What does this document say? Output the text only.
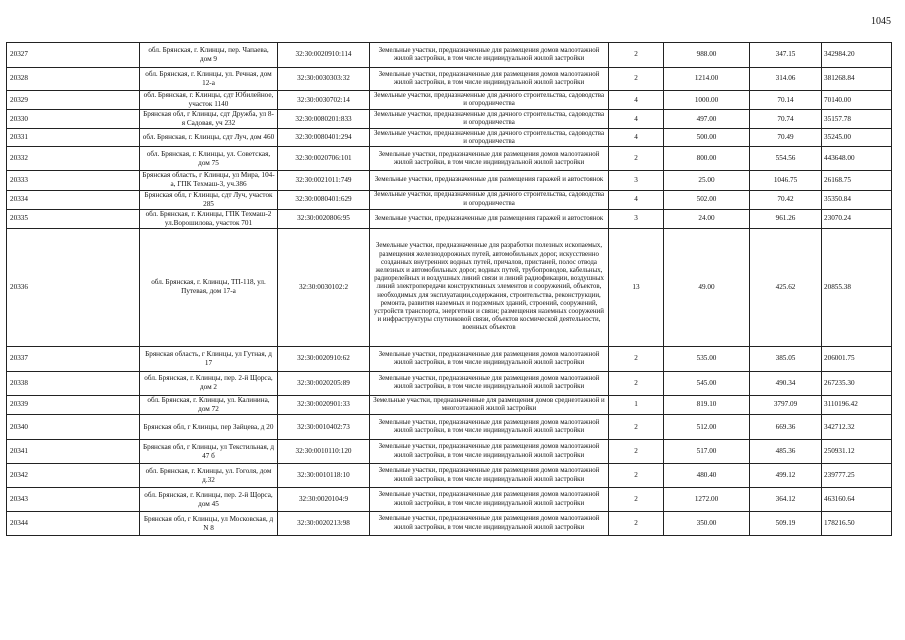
1045
20327	обл. Брянская, г. Клинцы, пер. Чапаева, дом 9	32:30:0020910:114	Земельные участки, предназначенные для размещения домов малоэтажной жилой застройки, в том числе индивидуальной жилой застройки	2	988.00	347.15	342984.20
20328	обл. Брянская, г. Клинцы, ул. Речная, дом 12-а	32:30:0030303:32	Земельные участки, предназначенные для размещения домов малоэтажной жилой застройки, в том числе индивидуальной жилой застройки	2	1214.00	314.06	381268.84
20329	обл. Брянская, г. Клинцы, сдт Юбилейное, участок 1140	32:30:0030702:14	Земельные участки, предназначенные для дачного строительства, садоводства и огородничества	4	1000.00	70.14	70140.00
20330	Брянская обл, г Клинцы, сдт Дружба, ул 8-я Садовая, уч 232	32:30:0080201:833	Земельные участки, предназначенные для дачного строительства, садоводства и огородничества	4	497.00	70.74	35157.78
20331	обл. Брянская, г. Клинцы, сдт Луч, дом 460	32:30:0080401:294	Земельные участки, предназначенные для дачного строительства, садоводства и огородничества	4	500.00	70.49	35245.00
20332	обл. Брянская, г. Клинцы, ул. Советская, дом 75	32:30:0020706:101	Земельные участки, предназначенные для размещения домов малоэтажной жилой застройки, в том числе индивидуальной жилой застройки	2	800.00	554.56	443648.00
20333	Брянская область, г Клинцы, ул Мира, 104-а, ГПК Техмаш-3, уч.386	32:30:0021011:749	Земельные участки, предназначенные для размещения гаражей и автостоянок	3	25.00	1046.75	26168.75
20334	Брянская обл, г Клинцы, сдт Луч, участок 285	32:30:0080401:629	Земельные участки, предназначенные для дачного строительства, садоводства и огородничества	4	502.00	70.42	35350.84
20335	обл. Брянская, г. Клинцы, ГПК Техмаш-2 ул.Ворошилова, участок 701	32:30:0020806:95	Земельные участки, предназначенные для размещения гаражей и автостоянок	3	24.00	961.26	23070.24
20336	обл. Брянская, г. Клинцы, ТП-118, ул. Путевая, дом 17-а	32:30:0030102:2	Земельные участки, предназначенные для разработки полезных ископаемых, размещения железнодорожных путей, автомобильных дорог, искусственно созданных внутренних водных путей, причалов, пристаней, полос отвода железных и автомобильных дорог, водных путей, трубопроводов, кабельных, радиорелейных и воздушных линий связи и линий радиофикации, воздушных линий электропередачи конструктивных элементов и сооружений, объектов, необходимых для эксплуатации,содержания, строительства, реконструкции, ремонта, развития наземных и подземных зданий, строений, сооружений, устройств транспорта, энергетики и связи; размещения наземных сооружений и инфраструктуры спутниковой связи, объектов космической деятельности, военных объектов	13	49.00	425.62	20855.38
20337	Брянская область, г Клинцы, ул Гутная, д 17	32:30:0020910:62	Земельные участки, предназначенные для размещения домов малоэтажной жилой застройки, в том числе индивидуальной жилой застройки	2	535.00	385.05	206001.75
20338	обл. Брянская, г. Клинцы, пер. 2-й Щорса, дом 2	32:30:0020205:89	Земельные участки, предназначенные для размещения домов малоэтажной жилой застройки, в том числе индивидуальной жилой застройки	2	545.00	490.34	267235.30
20339	обл. Брянская, г. Клинцы, ул. Калинина, дом 72	32:30:0020901:33	Земельные участки, предназначенные для размещения домов среднеэтажной и многоэтажной жилой застройки	1	819.10	3797.09	3110196.42
20340	Брянская обл, г Клинцы, пер Зайцева, д 20	32:30:0010402:73	Земельные участки, предназначенные для размещения домов малоэтажной жилой застройки, в том числе индивидуальной жилой застройки	2	512.00	669.36	342712.32
20341	Брянская обл, г Клинцы, ул Текстильная, д 47 б	32:30:0010110:120	Земельные участки, предназначенные для размещения домов малоэтажной жилой застройки, в том числе индивидуальной жилой застройки	2	517.00	485.36	250931.12
20342	обл. Брянская, г. Клинцы, ул. Гоголя, дом д.32	32:30:0010118:10	Земельные участки, предназначенные для размещения домов малоэтажной жилой застройки, в том числе индивидуальной жилой застройки	2	480.40	499.12	239777.25
20343	обл. Брянская, г. Клинцы, пер. 2-й Щорса, дом 45	32:30:0020104:9	Земельные участки, предназначенные для размещения домов малоэтажной жилой застройки, в том числе индивидуальной жилой застройки	2	1272.00	364.12	463160.64
20344	Брянская обл, г Клинцы, ул Московская, д N 8	32:30:0020213:98	Земельные участки, предназначенные для размещения домов малоэтажной жилой застройки, в том числе индивидуальной жилой застройки	2	350.00	509.19	178216.50
